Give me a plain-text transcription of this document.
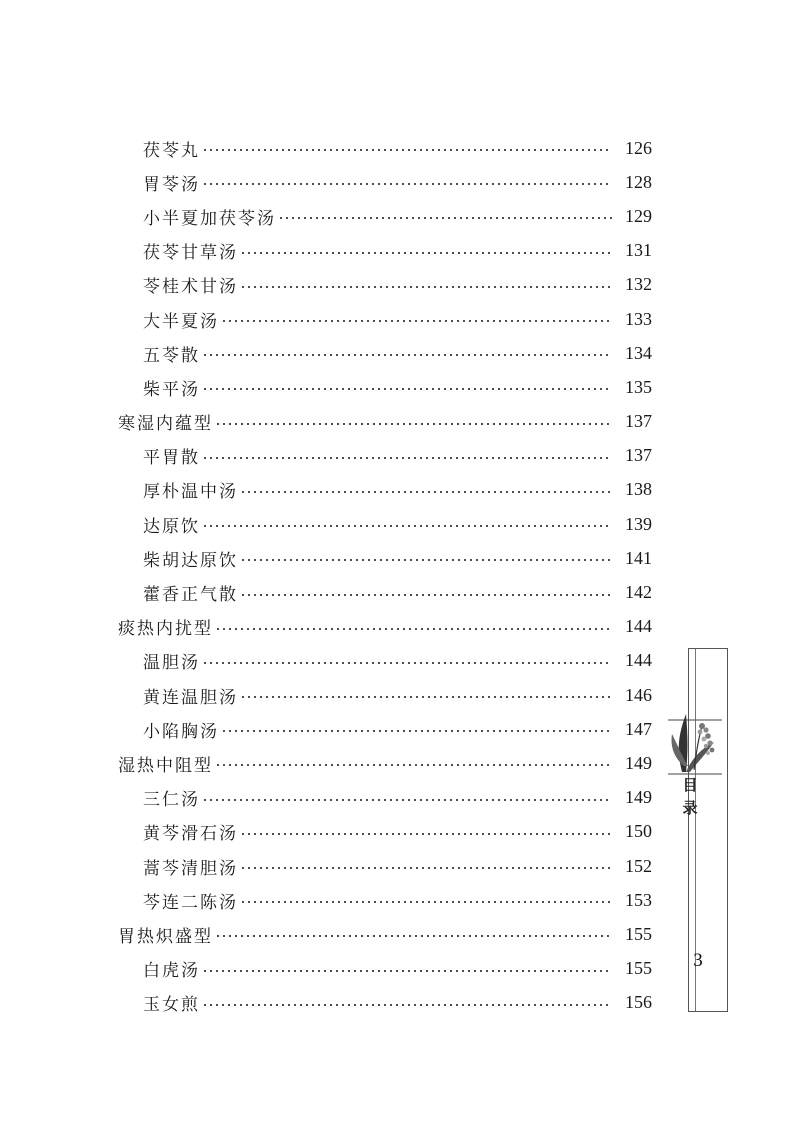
茯苓丸	126
胃苓汤	128
小半夏加茯苓汤	129
茯苓甘草汤	131
苓桂术甘汤	132
大半夏汤	133
五苓散	134
柴平汤	135
寒湿内蕴型	137
平胃散	137
厚朴温中汤	138
达原饮	139
柴胡达原饮	141
藿香正气散	142
痰热内扰型	144
温胆汤	144
黄连温胆汤	146
小陷胸汤	147
湿热中阻型	149
三仁汤	149
黄芩滑石汤	150
蒿芩清胆汤	152
芩连二陈汤	153
胃热炽盛型	155
白虎汤	155
玉女煎	156
目
录
3
